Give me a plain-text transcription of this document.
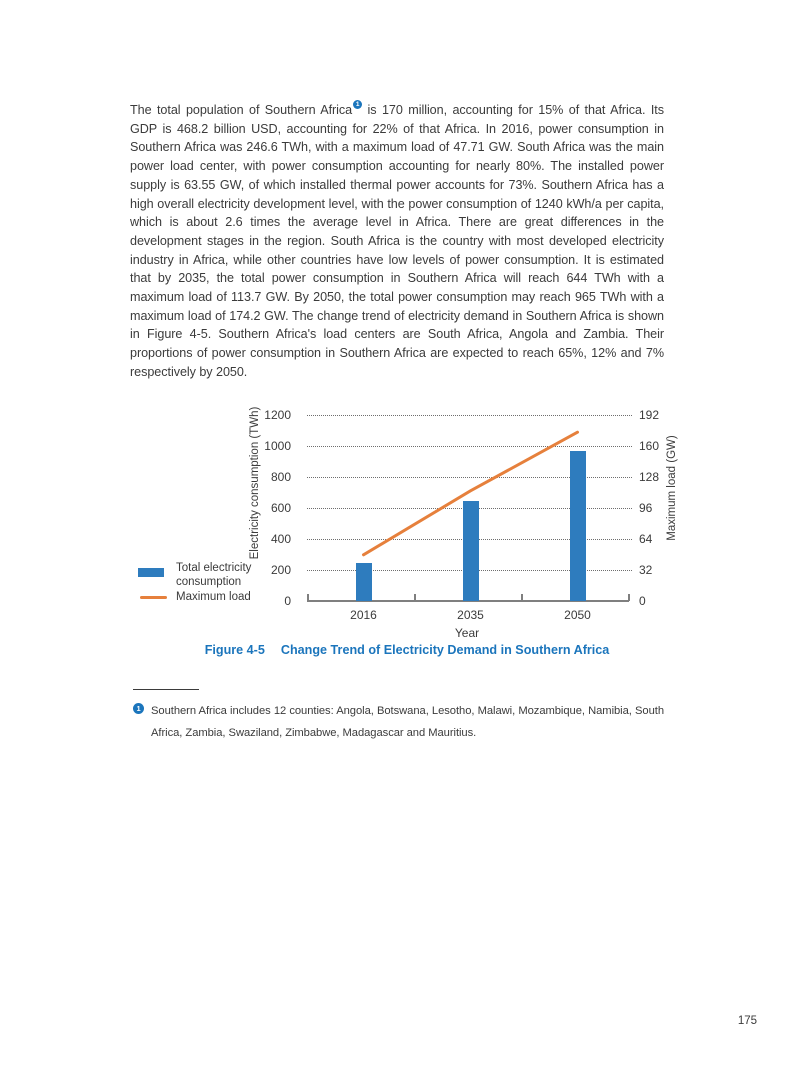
The total population of Southern Africa 1 is 170 million, accounting for 15% of that Africa. Its GDP is 468.2 billion USD, accounting for 22% of that Africa. In 2016, power consumption in Southern Africa was 246.6 TWh, with a maximum load of 47.71 GW. South Africa was the main power load center, with power consumption accounting for nearly 80%. The installed power supply is 63.55 GW, of which installed thermal power accounts for 73%. Southern Africa has a high overall electricity development level, with the power consumption of 1240 kWh/a per capita, which is about 2.6 times the average level in Africa. There are great differences in the development stages in the region. South Africa is the country with most developed electricity industry in Africa, while other countries have low levels of power consumption. It is estimated that by 2035, the total power consumption in Southern Africa will reach 644 TWh with a maximum load of 113.7 GW. By 2050, the total power consumption may reach 965 TWh with a maximum load of 174.2 GW. The change trend of electricity demand in Southern Africa is shown in Figure 4-5. Southern Africa's load centers are South Africa, Angola and Zambia. Their proportions of power consumption in Southern Africa are expected to reach 65%, 12% and 7% respectively by 2050.

Electricity consumption (TWh)	Maximum load (GW)
Year
Total electricity consumption
Maximum load
Figure 4-5 Change Trend of Electricity Demand in Southern Africa
0
200
400
600
800
1000
1200
0
32
64
96
128
160
192
2016	2035	2050
1 Southern Africa includes 12 counties: Angola, Botswana, Lesotho, Malawi, Mozambique, Namibia, South Africa, Zambia, Swaziland, Zimbabwe, Madagascar and Mauritius.
175
